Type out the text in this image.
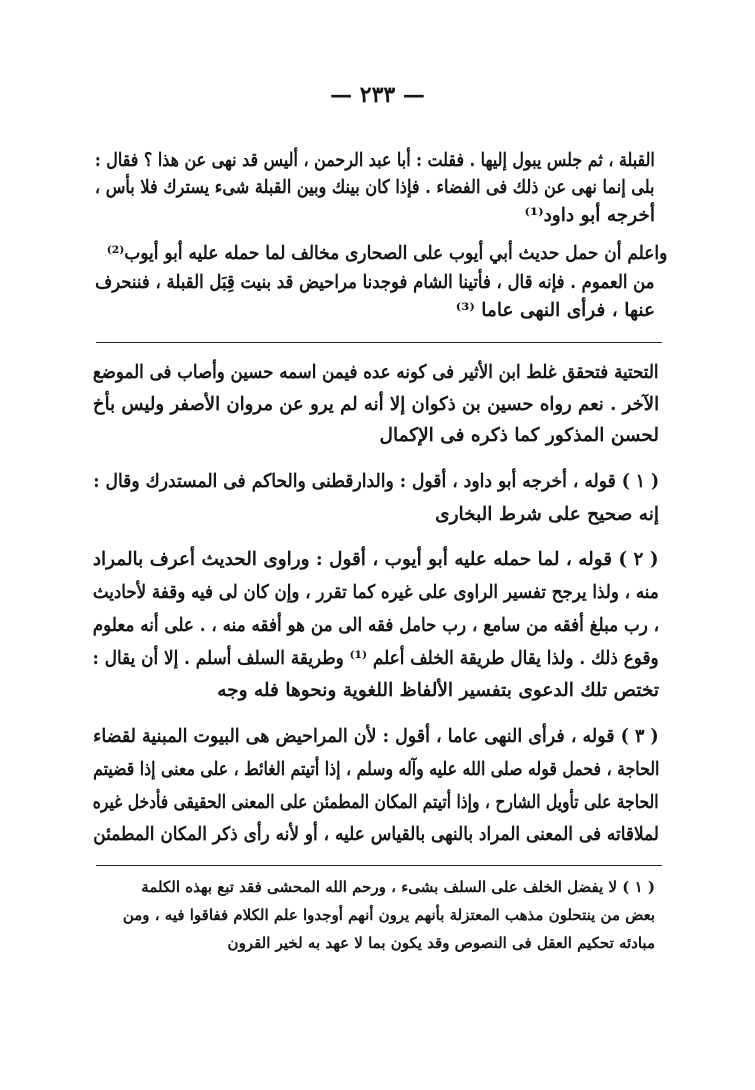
— ٢٣٣ —
القبلة ، ثم جلس يبول إليها . فقلت : أبا عبد الرحمن ، أليس قد نهى عن هذا ؟ فقال :
بلى إنما نهى عن ذلك فى الفضاء . فإذا كان بينك وبين القبلة شىء يسترك فلا بأس ،
أخرجه أبو داود⁽¹⁾
واعلم أن حمل حديث أبي أيوب على الصحارى مخالف لما حمله عليه أبو أيوب⁽²⁾
من العموم . فإنه قال ، فأتينا الشام فوجدنا مراحيض قد بنيت قِبَل القبلة ، فننحرف
عنها ، فرأى النهى عاما ⁽³⁾
التحتية فتحقق غلط ابن الأثير فى كونه عده فيمن اسمه حسين وأصاب فى الموضع
الآخر . نعم رواه حسين بن ذكوان إلا أنه لم يرو عن مروان الأصفر وليس بأخ
لحسن المذكور كما ذكره فى الإكمال
( ١ ) قوله ، أخرجه أبو داود ، أقول : والدارقطنى والحاكم فى المستدرك وقال :
إنه صحيح على شرط البخارى
( ٢ ) قوله ، لما حمله عليه أبو أيوب ، أقول : وراوى الحديث أعرف بالمراد
منه ، ولذا يرجح تفسير الراوى على غيره كما تقرر ، وإن كان لى فيه وقفة لأحاديث
، رب مبلغ أفقه من سامع ، رب حامل فقه الى من هو أفقه منه ، . على أنه معلوم
وقوع ذلك . ولذا يقال طريقة الخلف أعلم ⁽¹⁾ وطريقة السلف أسلم . إلا أن يقال :
تختص تلك الدعوى بتفسير الألفاظ اللغوية ونحوها فله وجه
( ٣ ) قوله ، فرأى النهى عاما ، أقول : لأن المراحيض هى البيوت المبنية لقضاء
الحاجة ، فحمل قوله صلى الله عليه وآله وسلم ، إذا أتيتم الغائط ، على معنى إذا قضيتم
الحاجة على تأويل الشارح ، وإذا أتيتم المكان المطمئن على المعنى الحقيقى فأدخل غيره
لملاقاته فى المعنى المراد بالنهى بالقياس عليه ، أو لأنه رأى ذكر المكان المطمئن
( ١ ) لا يفضل الخلف على السلف بشىء ، ورحم الله المحشى فقد تبع بهذه الكلمة
بعض من ينتحلون مذهب المعتزلة بأنهم يرون أنهم أوجدوا علم الكلام ففاقوا فيه ، ومن
مبادئه تحكيم العقل فى النصوص وقد يكون بما لا عهد به لخير القرون
